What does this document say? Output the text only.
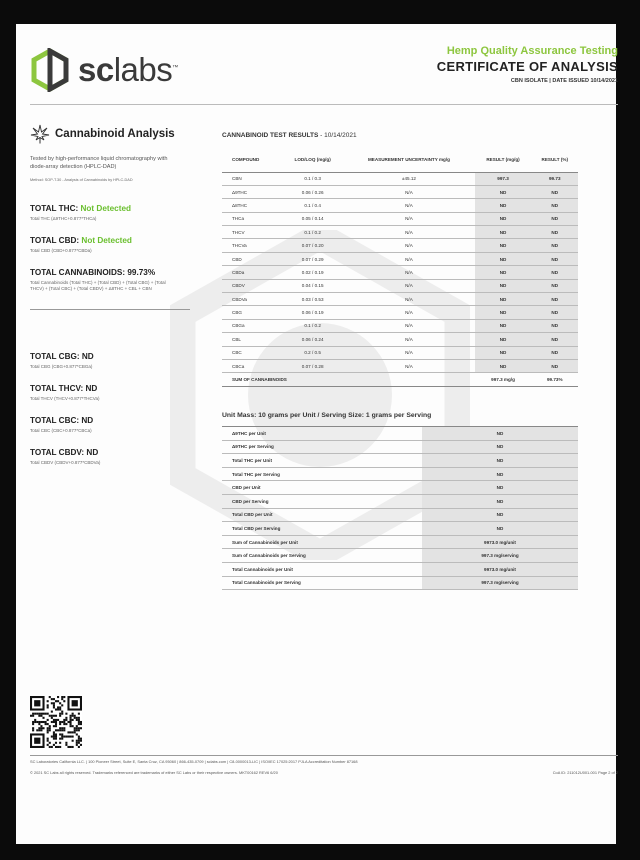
sclabs™
Hemp Quality Assurance Testing
CERTIFICATE OF ANALYSIS
CBN ISOLATE | DATE ISSUED 10/14/2021
Cannabinoid Analysis
Tested by high-performance liquid chromatography with diode-array detection (HPLC-DAD)
Method: SOP-T.30 - Analysis of Cannabinoids by HPLC-DAD
TOTAL THC: Not Detected
Total THC (Δ9THC+0.877*THCa)
TOTAL CBD: Not Detected
Total CBD (CBD+0.877*CBDa)
TOTAL CANNABINOIDS: 99.73%
Total Cannabinoids (Total THC) + (Total CBD) + (Total CBG) + (Total THCV) + (Total CBC) + (Total CBDV) + Δ8THC + CBL + CBN
TOTAL CBG: ND
Total CBG (CBG+0.877*CBGa)
TOTAL THCV: ND
Total THCV (THCV+0.877*THCVa)
TOTAL CBC: ND
Total CBC (CBC+0.877*CBCa)
TOTAL CBDV: ND
Total CBDV (CBDV+0.877*CBDVa)
CANNABINOID TEST RESULTS - 10/14/2021
COMPOUND	LOD/LOQ (mg/g)	MEASUREMENT UNCERTAINTY mg/g	RESULT (mg/g)	RESULT (%)
CBN	0.1 / 0.3	±45.12	997.3	99.73
Δ9THC	0.06 / 0.26	N/A	ND	ND
Δ8THC	0.1 / 0.4	N/A	ND	ND
THCa	0.05 / 0.14	N/A	ND	ND
THCV	0.1 / 0.2	N/A	ND	ND
THCVa	0.07 / 0.20	N/A	ND	ND
CBD	0.07 / 0.29	N/A	ND	ND
CBDa	0.02 / 0.19	N/A	ND	ND
CBDV	0.04 / 0.15	N/A	ND	ND
CBDVa	0.03 / 0.53	N/A	ND	ND
CBG	0.06 / 0.19	N/A	ND	ND
CBGa	0.1 / 0.2	N/A	ND	ND
CBL	0.06 / 0.24	N/A	ND	ND
CBC	0.2 / 0.5	N/A	ND	ND
CBCa	0.07 / 0.28	N/A	ND	ND
SUM OF CANNABINOIDS			997.3 mg/g	99.73%
Unit Mass: 10 grams per Unit / Serving Size: 1 grams per Serving
Δ9THC per Unit	ND
Δ9THC per Serving	ND
Total THC per Unit	ND
Total THC per Serving	ND
CBD per Unit	ND
CBD per Serving	ND
Total CBD per Unit	ND
Total CBD per Serving	ND
Sum of Cannabinoids per Unit	9973.0 mg/unit
Sum of Cannabinoids per Serving	997.3 mg/serving
Total Cannabinoids per Unit	9973.0 mg/unit
Total Cannabinoids per Serving	997.3 mg/serving
SC Laboratories California LLC. | 100 Pioneer Street, Suite E, Santa Cruz, CA 95060 | 866-435-0709 | sclabs.com | C8-0000013-LIC | ISO/IEC 17025:2017 PJLA Accreditation Number 87168
© 2021 SC Labs all rights reserved. Trademarks referenced are trademarks of either SC Labs or their respective owners. MKT00162 REV6 6/20	CoA ID: 211012U001-001 Page 2 of 2
